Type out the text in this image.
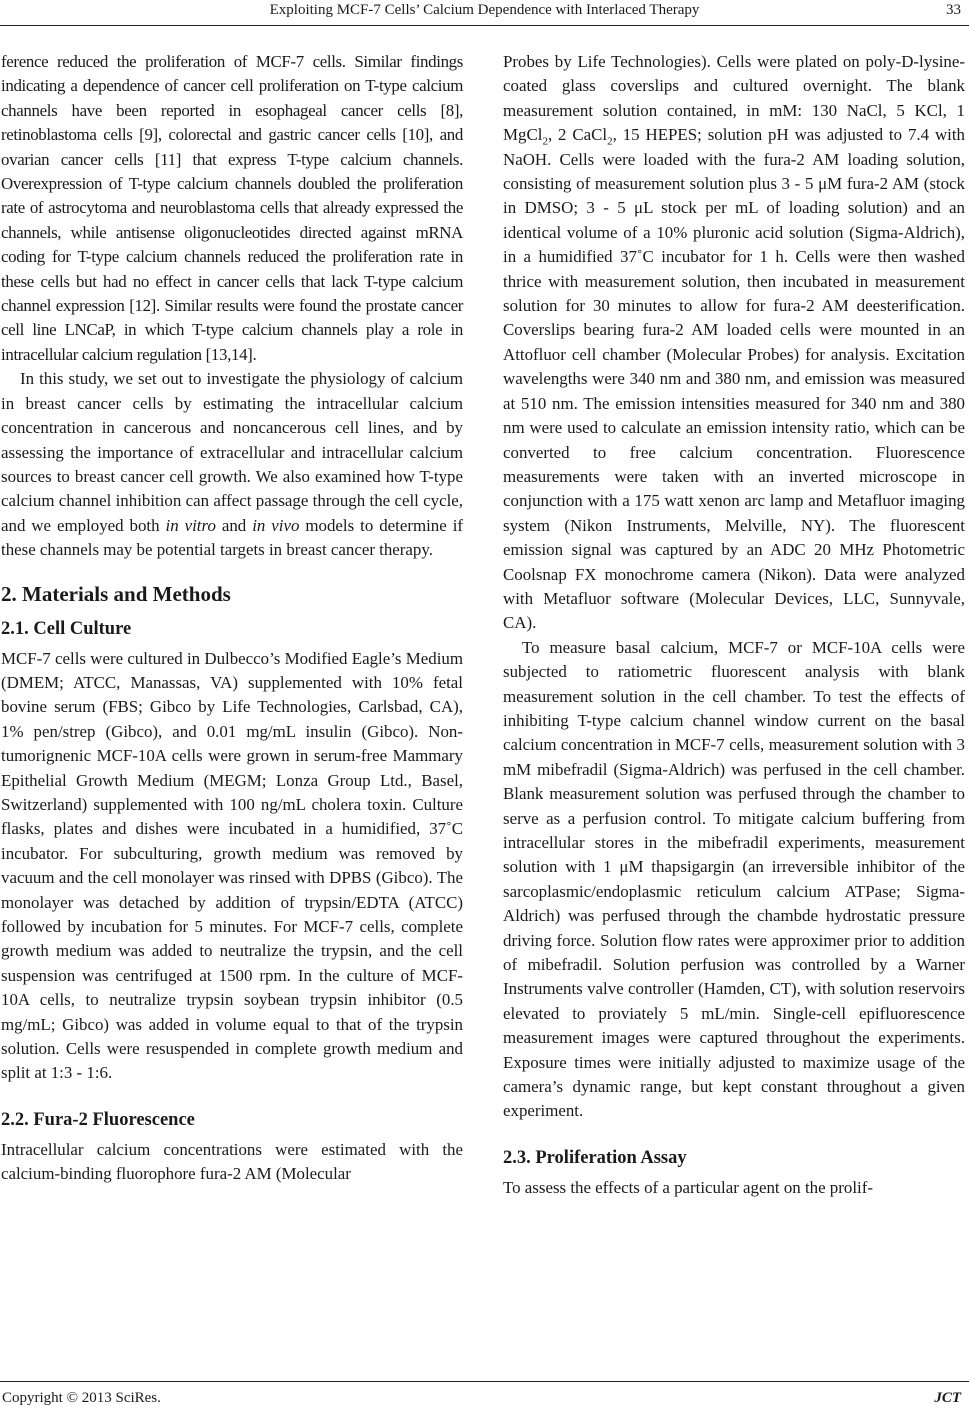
Exploiting MCF-7 Cells’ Calcium Dependence with Interlaced Therapy	33

ference reduced the proliferation of MCF-7 cells. Similar findings indicating a dependence of cancer cell proliferation on T-type calcium channels have been reported in esophageal cancer cells [8], retinoblastoma cells [9], colorectal and gastric cancer cells [10], and ovarian cancer cells [11] that express T-type calcium channels. Overexpression of T-type calcium channels doubled the proliferation rate of astrocytoma and neuroblastoma cells that already expressed the channels, while antisense oligonucleotides directed against mRNA coding for T-type calcium channels reduced the proliferation rate in these cells but had no effect in cancer cells that lack T-type calcium channel expression [12]. Similar results were found the prostate cancer cell line LNCaP, in which T-type calcium channels play a role in intracellular calcium regulation [13,14].

In this study, we set out to investigate the physiology of calcium in breast cancer cells by estimating the intracellular calcium concentration in cancerous and noncancerous cell lines, and by assessing the importance of extracellular and intracellular calcium sources to breast cancer cell growth. We also examined how T-type calcium channel inhibition can affect passage through the cell cycle, and we employed both in vitro and in vivo models to determine if these channels may be potential targets in breast cancer therapy.

2. Materials and Methods
2.1. Cell Culture

MCF-7 cells were cultured in Dulbecco’s Modified Eagle’s Medium (DMEM; ATCC, Manassas, VA) supplemented with 10% fetal bovine serum (FBS; Gibco by Life Technologies, Carlsbad, CA), 1% pen/strep (Gibco), and 0.01 mg/mL insulin (Gibco). Non-tumorignenic MCF-10A cells were grown in serum-free Mammary Epithelial Growth Medium (MEGM; Lonza Group Ltd., Basel, Switzerland) supplemented with 100 ng/mL cholera toxin. Culture flasks, plates and dishes were incubated in a humidified, 37˚C incubator. For subculturing, growth medium was removed by vacuum and the cell monolayer was rinsed with DPBS (Gibco). The monolayer was detached by addition of trypsin/EDTA (ATCC) followed by incubation for 5 minutes. For MCF-7 cells, complete growth medium was added to neutralize the trypsin, and the cell suspension was centrifuged at 1500 rpm. In the culture of MCF-10A cells, to neutralize trypsin soybean trypsin inhibitor (0.5 mg/mL; Gibco) was added in volume equal to that of the trypsin solution. Cells were resuspended in complete growth medium and split at 1:3 - 1:6.

2.2. Fura-2 Fluorescence

Intracellular calcium concentrations were estimated with the calcium-binding fluorophore fura-2 AM (Molecular

Probes by Life Technologies). Cells were plated on poly-D-lysine-coated glass coverslips and cultured overnight. The blank measurement solution contained, in mM: 130 NaCl, 5 KCl, 1 MgCl$_2$, 2 CaCl$_2$, 15 HEPES; solution pH was adjusted to 7.4 with NaOH. Cells were loaded with the fura-2 AM loading solution, consisting of measurement solution plus 3 - 5 μM fura-2 AM (stock in DMSO; 3 - 5 μL stock per mL of loading solution) and an identical volume of a 10% pluronic acid solution (Sigma-Aldrich), in a humidified 37˚C incubator for 1 h. Cells were then washed thrice with measurement solution, then incubated in measurement solution for 30 minutes to allow for fura-2 AM deesterification. Coverslips bearing fura-2 AM loaded cells were mounted in an Attofluor cell chamber (Molecular Probes) for analysis. Excitation wavelengths were 340 nm and 380 nm, and emission was measured at 510 nm. The emission intensities measured for 340 nm and 380 nm were used to calculate an emission intensity ratio, which can be converted to free calcium concentration. Fluorescence measurements were taken with an inverted microscope in conjunction with a 175 watt xenon arc lamp and Metafluor imaging system (Nikon Instruments, Melville, NY). The fluorescent emission signal was captured by an ADC 20 MHz Photometric Coolsnap FX monochrome camera (Nikon). Data were analyzed with Metafluor software (Molecular Devices, LLC, Sunnyvale, CA).

To measure basal calcium, MCF-7 or MCF-10A cells were subjected to ratiometric fluorescent analysis with blank measurement solution in the cell chamber. To test the effects of inhibiting T-type calcium channel window current on the basal calcium concentration in MCF-7 cells, measurement solution with 3 mM mibefradil (Sigma-Aldrich) was perfused in the cell chamber. Blank measurement solution was perfused through the chamber to serve as a perfusion control. To mitigate calcium buffering from intracellular stores in the mibefradil experiments, measurement solution with 1 μM thapsigargin (an irreversible inhibitor of the sarcoplasmic/endoplasmic reticulum calcium ATPase; Sigma-Aldrich) was perfused through the chambde hydrostatic pressure driving force. Solution flow rates were approximer prior to addition of mibefradil. Solution perfusion was controlled by a Warner Instruments valve controller (Hamden, CT), with solution reservoirs elevated to proviately 5 mL/min. Single-cell epifluorescence measurement images were captured throughout the experiments. Exposure times were initially adjusted to maximize usage of the camera’s dynamic range, but kept constant throughout a given experiment.

2.3. Proliferation Assay

To assess the effects of a particular agent on the prolif-

Copyright © 2013 SciRes.	JCT
